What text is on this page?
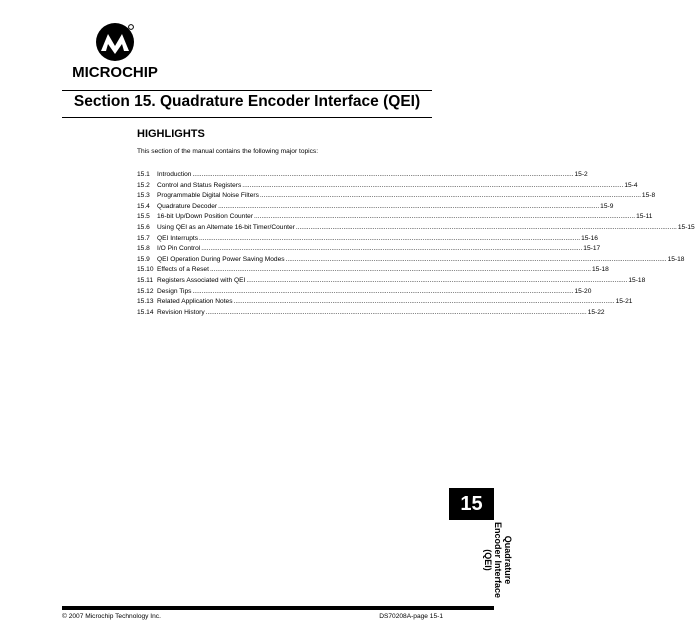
MICROCHIP
Section 15. Quadrature Encoder Interface (QEI)
HIGHLIGHTS
This section of the manual contains the following major topics:
15.1	Introduction .....	15-2
15.2	Control and Status Registers .....	15-4
15.3	Programmable Digital Noise Filters .....	15-8
15.4	Quadrature Decoder .....	15-9
15.5	16-bit Up/Down Position Counter .....	15-11
15.6	Using QEI as an Alternate 16-bit Timer/Counter .....	15-15
15.7	QEI Interrupts .....	15-16
15.8	I/O Pin Control .....	15-17
15.9	QEI Operation During Power Saving Modes .....	15-18
15.10 Effects of a Reset .....	15-18
15.11 Registers Associated with QEI .....	15-18
15.12 Design Tips .....	15-20
15.13 Related Application Notes .....	15-21
15.14 Revision History .....	15-22
15
Quadrature
Encoder Interface
(QEI)
© 2007 Microchip Technology Inc.	DS70208A-page 15-1
